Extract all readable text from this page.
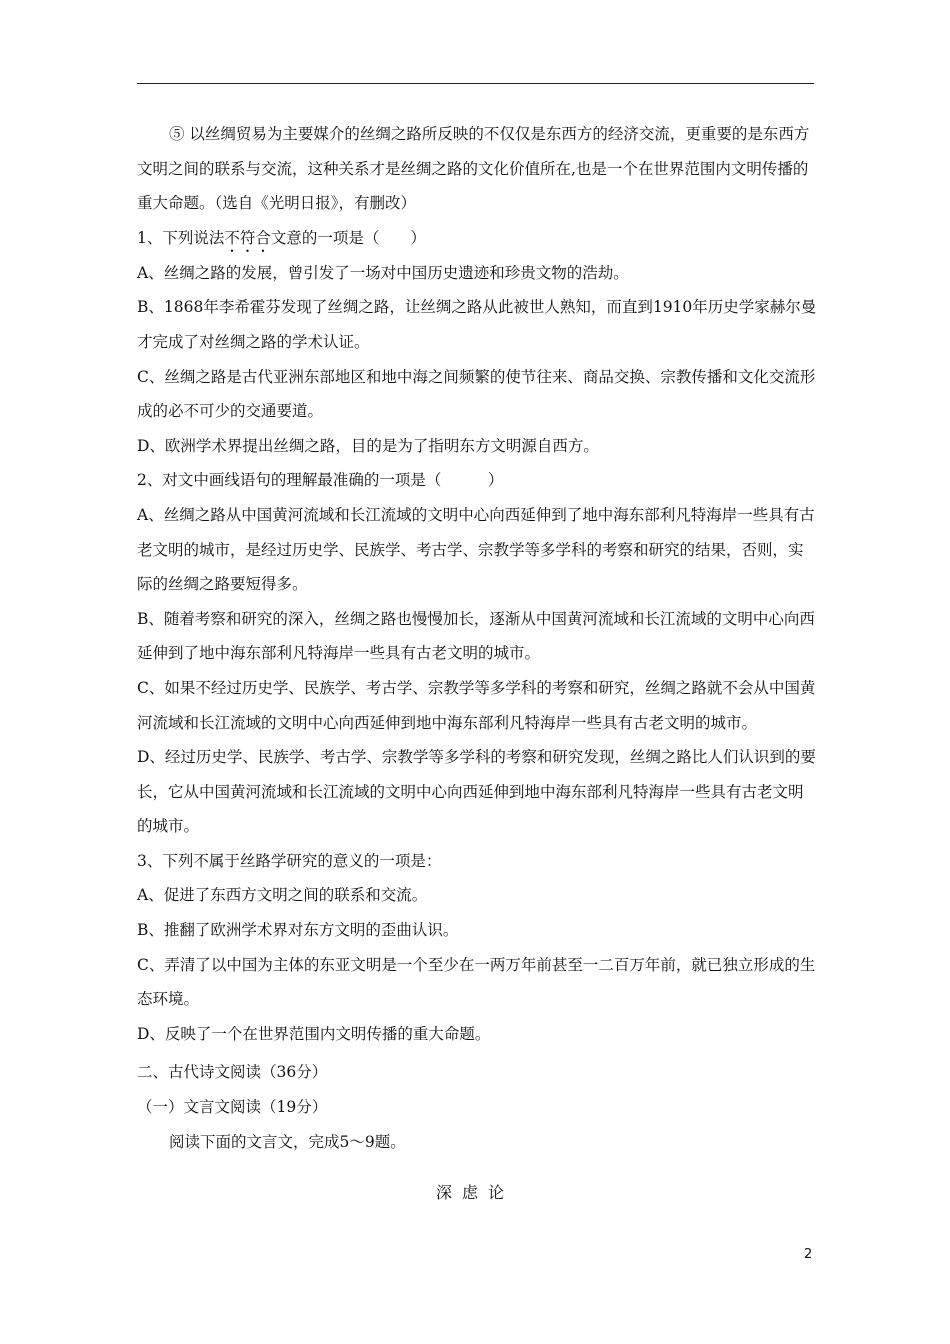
⑤ 以丝绸贸易为主要媒介的丝绸之路所反映的不仅仅是东西方的经济交流，更重要的是东西方文明之间的联系与交流，这种关系才是丝绸之路的文化价值所在,也是一个在世界范围内文明传播的重大命题。（选自《光明日报》，有删改）

1、下列说法不符合文意的一项是（　　）

A、丝绸之路的发展，曾引发了一场对中国历史遗迹和珍贵文物的浩劫。

B、1868年李希霍芬发现了丝绸之路，让丝绸之路从此被世人熟知，而直到1910年历史学家赫尔曼才完成了对丝绸之路的学术认证。

C、丝绸之路是古代亚洲东部地区和地中海之间频繁的使节往来、商品交换、宗教传播和文化交流形成的必不可少的交通要道。

D、欧洲学术界提出丝绸之路，目的是为了指明东方文明源自西方。

2、对文中画线语句的理解最准确的一项是（　　　）

A、丝绸之路从中国黄河流域和长江流域的文明中心向西延伸到了地中海东部利凡特海岸一些具有古老文明的城市，是经过历史学、民族学、考古学、宗教学等多学科的考察和研究的结果，否则，实际的丝绸之路要短得多。

B、随着考察和研究的深入，丝绸之路也慢慢加长，逐渐从中国黄河流域和长江流域的文明中心向西延伸到了地中海东部利凡特海岸一些具有古老文明的城市。

C、如果不经过历史学、民族学、考古学、宗教学等多学科的考察和研究，丝绸之路就不会从中国黄河流域和长江流域的文明中心向西延伸到地中海东部利凡特海岸一些具有古老文明的城市。

D、经过历史学、民族学、考古学、宗教学等多学科的考察和研究发现，丝绸之路比人们认识到的要长，它从中国黄河流域和长江流域的文明中心向西延伸到地中海东部利凡特海岸一些具有古老文明的城市。

3、下列不属于丝路学研究的意义的一项是：

A、促进了东西方文明之间的联系和交流。

B、推翻了欧洲学术界对东方文明的歪曲认识。

C、弄清了以中国为主体的东亚文明是一个至少在一两万年前甚至一二百万年前，就已独立形成的生态环境。

D、反映了一个在世界范围内文明传播的重大命题。

二、古代诗文阅读（36分）

（一）文言文阅读（19分）

阅读下面的文言文，完成5～9题。

深虑论
2
